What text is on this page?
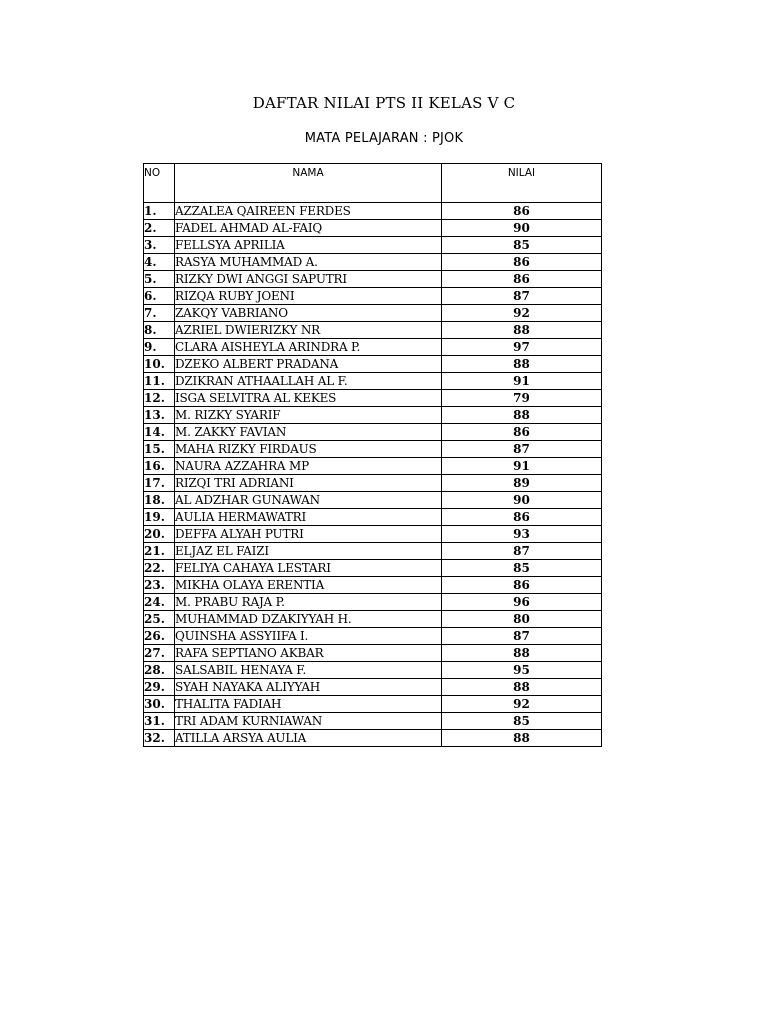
DAFTAR NILAI PTS II KELAS V C
MATA PELAJARAN : PJOK
NO	NAMA	NILAI
1.	AZZALEA QAIREEN FERDES	86
2.	FADEL AHMAD AL-FAIQ	90
3.	FELLSYA APRILIA	85
4.	RASYA MUHAMMAD A.	86
5.	RIZKY DWI ANGGI SAPUTRI	86
6.	RIZQA RUBY JOENI	87
7.	ZAKQY VABRIANO	92
8.	AZRIEL DWIERIZKY NR	88
9.	CLARA AISHEYLA ARINDRA P.	97
10.	DZEKO ALBERT PRADANA	88
11.	DZIKRAN ATHAALLAH AL F.	91
12.	ISGA SELVITRA AL KEKES	79
13.	M. RIZKY SYARIF	88
14.	M. ZAKKY FAVIAN	86
15.	MAHA RIZKY FIRDAUS	87
16.	NAURA AZZAHRA MP	91
17.	RIZQI TRI ADRIANI	89
18.	AL ADZHAR GUNAWAN	90
19.	AULIA HERMAWATRI	86
20.	DEFFA ALYAH PUTRI	93
21.	ELJAZ EL FAIZI	87
22.	FELIYA CAHAYA LESTARI	85
23.	MIKHA OLAYA ERENTIA	86
24.	M. PRABU RAJA P.	96
25.	MUHAMMAD DZAKIYYAH H.	80
26.	QUINSHA ASSYIIFA I.	87
27.	RAFA SEPTIANO AKBAR	88
28.	SALSABIL HENAYA F.	95
29.	SYAH NAYAKA ALIYYAH	88
30.	THALITA FADIAH	92
31.	TRI ADAM KURNIAWAN	85
32.	ATILLA ARSYA AULIA	88
